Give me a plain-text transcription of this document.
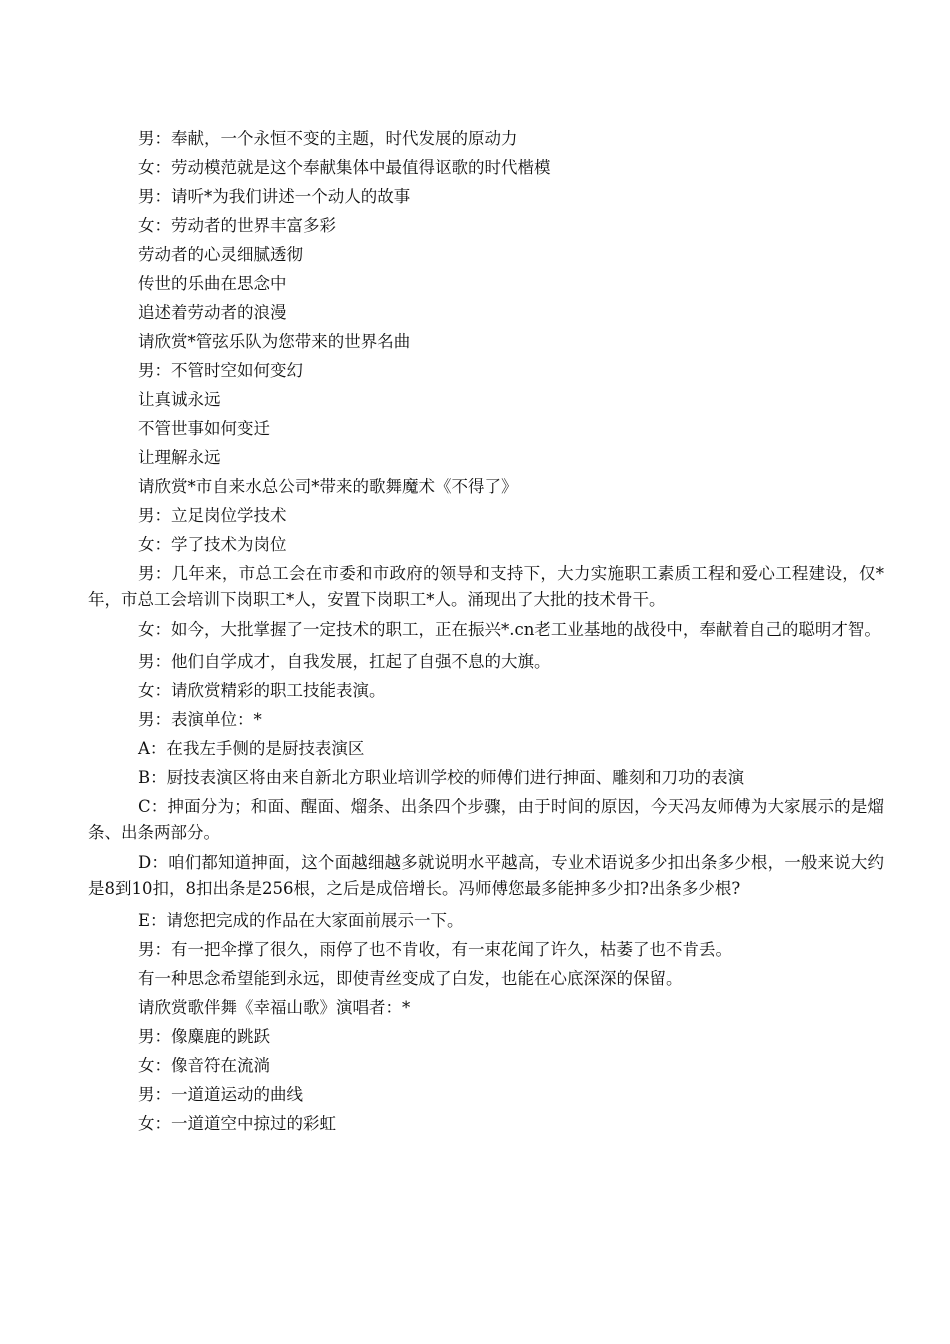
男：奉献，一个永恒不变的主题，时代发展的原动力

女：劳动模范就是这个奉献集体中最值得讴歌的时代楷模

男：请听*为我们讲述一个动人的故事

女：劳动者的世界丰富多彩

劳动者的心灵细腻透彻

传世的乐曲在思念中

追述着劳动者的浪漫

请欣赏*管弦乐队为您带来的世界名曲

男：不管时空如何变幻

让真诚永远

不管世事如何变迁

让理解永远

请欣赏*市自来水总公司*带来的歌舞魔术《不得了》

男：立足岗位学技术

女：学了技术为岗位

男：几年来，市总工会在市委和市政府的领导和支持下，大力实施职工素质工程和爱心工程建设，仅*年，市总工会培训下岗职工*人，安置下岗职工*人。涌现出了大批的技术骨干。

女：如今，大批掌握了一定技术的职工，正在振兴*.cn老工业基地的战役中，奉献着自己的聪明才智。

男：他们自学成才，自我发展，扛起了自强不息的大旗。

女：请欣赏精彩的职工技能表演。

男：表演单位：*

A：在我左手侧的是厨技表演区

B：厨技表演区将由来自新北方职业培训学校的师傅们进行抻面、雕刻和刀功的表演

C：抻面分为；和面、醒面、熘条、出条四个步骤，由于时间的原因，今天冯友师傅为大家展示的是熘条、出条两部分。

D：咱们都知道抻面，这个面越细越多就说明水平越高，专业术语说多少扣出条多少根，一般来说大约是8到10扣，8扣出条是256根，之后是成倍增长。冯师傅您最多能抻多少扣?出条多少根?

E：请您把完成的作品在大家面前展示一下。

男：有一把伞撑了很久，雨停了也不肯收，有一束花闻了许久，枯萎了也不肯丢。

有一种思念希望能到永远，即使青丝变成了白发，也能在心底深深的保留。

请欣赏歌伴舞《幸福山歌》演唱者：*

男：像麋鹿的跳跃

女：像音符在流淌

男：一道道运动的曲线

女：一道道空中掠过的彩虹
